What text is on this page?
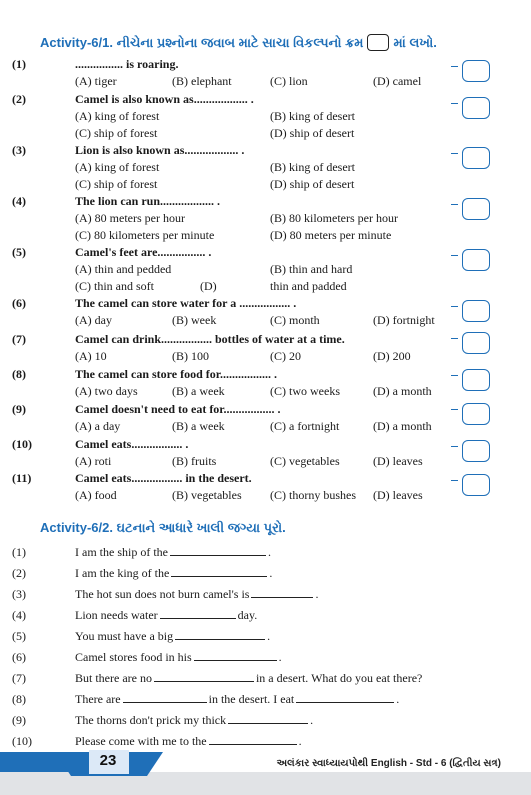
Activity-6/1. નીચેના પ્રશ્નોના જવાબ માટે સાચા વિકલ્પનો ક્રમ માં લખો.
(1)	................ is roaring.
(A) tiger	(B) elephant	(C) lion	(D) camel
(2)	Camel is also known as.................. .
(A) king of forest	(B) king of desert
(C) ship of forest	(D) ship of desert
(3)	Lion is also known as.................. .
(A) king of forest	(B) king of desert
(C) ship of forest	(D) ship of desert
(4)	The lion can run.................. .
(A) 80 meters per hour	(B) 80 kilometers per hour
(C) 80 kilometers per minute	(D) 80 meters per minute
(5)	Camel's feet are................ .
(A) thin and pedded	(B) thin and hard
(C) thin and soft	(D)	thin and padded
(6)	The camel can store water for a ................. .
(A) day	(B) week	(C) month	(D) fortnight
(7)	Camel can drink................. bottles of water at a time.
(A) 10	(B) 100	(C) 20	(D) 200
(8)	The camel can store food for................. .
(A) two days	(B) a week	(C) two weeks	(D) a month
(9)	Camel doesn't need to eat for................. .
(A) a day	(B) a week	(C) a fortnight	(D) a month
(10)	Camel eats................. .
(A) roti	(B) fruits	(C) vegetables	(D) leaves
(11)	Camel eats................. in the desert.
(A) food	(B) vegetables (C) thorny bushes (D) leaves
Activity-6/2. ઘટનાને આધારે ખાલી જગ્યા પૂરો.
(1)	I am the ship of the	.
(2)	I am the king of the	.
(3)	The hot sun does not burn camel's is	.
(4)	Lion needs water	day.
(5)	You must have a big	.
(6)	Camel stores food in his	.
(7)	But there are no	in a desert. What do you eat there?
(8)	There are	in the desert. I eat	.
(9)	The thorns don't prick my thick	.
(10)	Please come with me to the	.
23	અલંકાર સ્વાધ્યાયપોથી English - Std - 6 (દ્વિતીય સત્ર)
